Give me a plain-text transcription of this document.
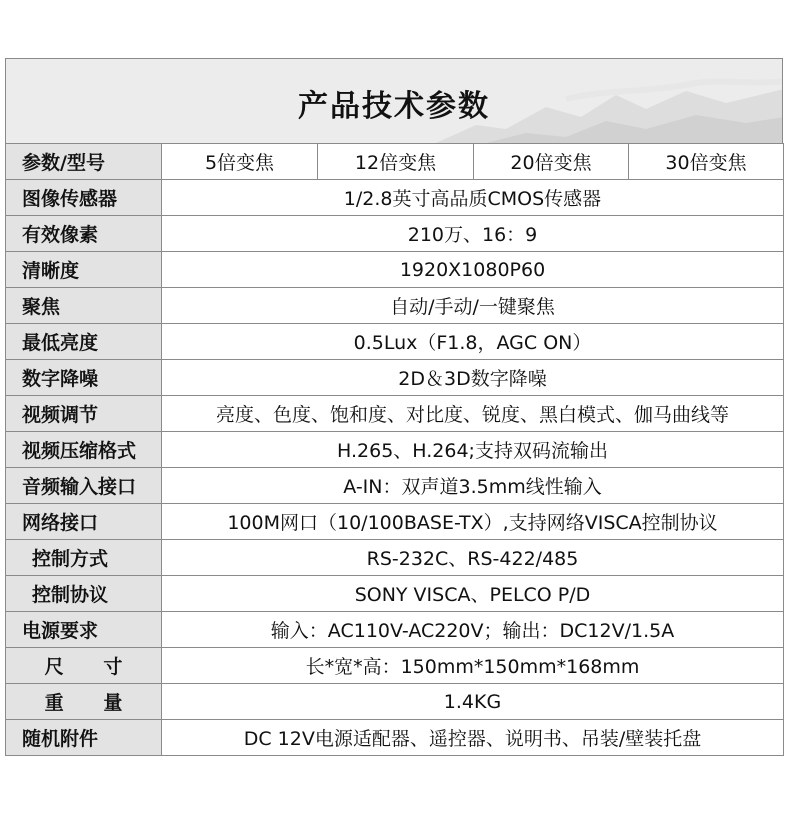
产品技术参数
参数/型号	5倍变焦	12倍变焦	20倍变焦	30倍变焦
图像传感器	1/2.8英寸高品质CMOS传感器			
有效像素	210万、16：9			
清晰度	1920X1080P60			
聚焦	自动/手动/一键聚焦			
最低亮度	0.5Lux（F1.8，AGC ON）			
数字降噪	2D＆3D数字降噪			
视频调节	亮度、色度、饱和度、对比度、锐度、黑白模式、伽马曲线等			
视频压缩格式	H.265、H.264;支持双码流输出			
音频输入接口	A-IN：双声道3.5mm线性输入			
网络接口	100M网口（10/100BASE-TX）,支持网络VISCA控制协议			
控制方式	RS-232C、RS-422/485			
控制协议	SONY VISCA、PELCO P/D			
电源要求	输入：AC110V-AC220V；输出：DC12V/1.5A			
尺      寸	长*宽*高：150mm*150mm*168mm			
重      量	1.4KG			
随机附件	DC 12V电源适配器、遥控器、说明书、吊装/壁装托盘			
